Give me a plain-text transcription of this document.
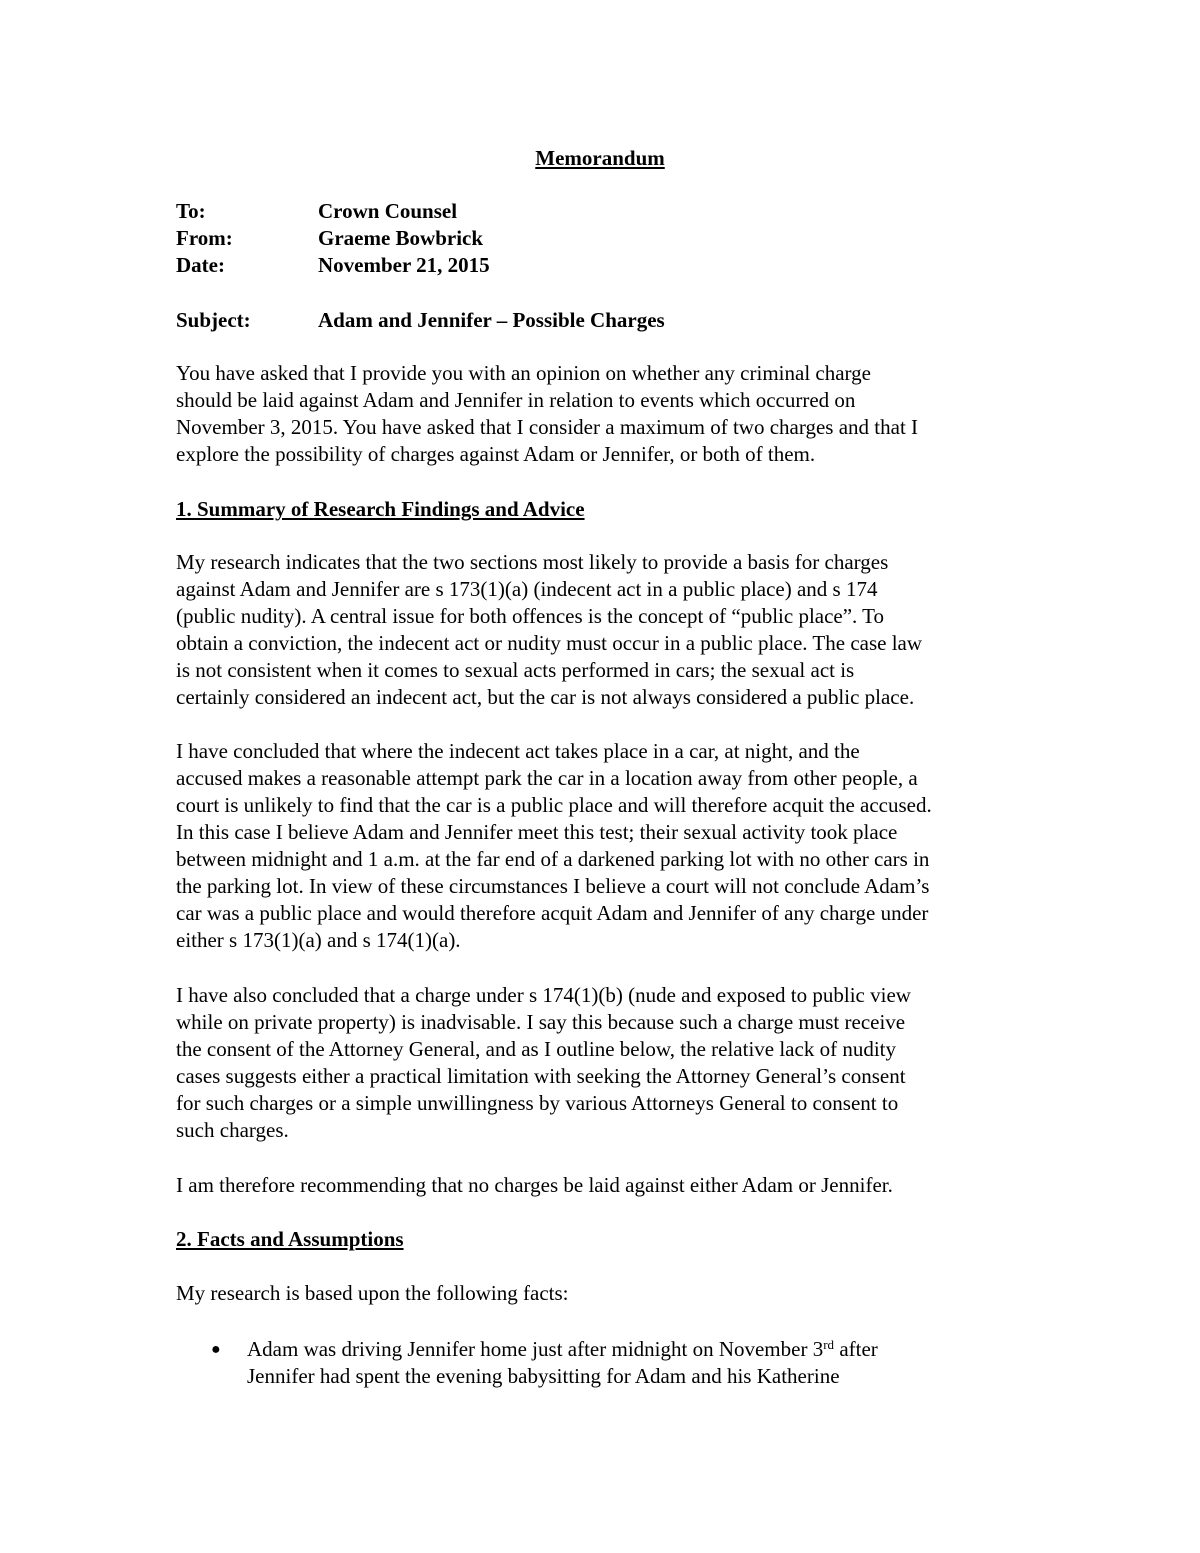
Memorandum
To:	Crown Counsel
From:	Graeme Bowbrick
Date:	November 21, 2015
Subject:	Adam and Jennifer – Possible Charges
You have asked that I provide you with an opinion on whether any criminal charge
should be laid against Adam and Jennifer in relation to events which occurred on
November 3, 2015. You have asked that I consider a maximum of two charges and that I
explore the possibility of charges against Adam or Jennifer, or both of them.
1. Summary of Research Findings and Advice
My research indicates that the two sections most likely to provide a basis for charges
against Adam and Jennifer are s 173(1)(a) (indecent act in a public place) and s 174
(public nudity). A central issue for both offences is the concept of “public place”. To
obtain a conviction, the indecent act or nudity must occur in a public place. The case law
is not consistent when it comes to sexual acts performed in cars; the sexual act is
certainly considered an indecent act, but the car is not always considered a public place.
I have concluded that where the indecent act takes place in a car, at night, and the
accused makes a reasonable attempt park the car in a location away from other people, a
court is unlikely to find that the car is a public place and will therefore acquit the accused.
In this case I believe Adam and Jennifer meet this test; their sexual activity took place
between midnight and 1 a.m. at the far end of a darkened parking lot with no other cars in
the parking lot. In view of these circumstances I believe a court will not conclude Adam’s
car was a public place and would therefore acquit Adam and Jennifer of any charge under
either s 173(1)(a) and s 174(1)(a).
I have also concluded that a charge under s 174(1)(b) (nude and exposed to public view
while on private property) is inadvisable. I say this because such a charge must receive
the consent of the Attorney General, and as I outline below, the relative lack of nudity
cases suggests either a practical limitation with seeking the Attorney General’s consent
for such charges or a simple unwillingness by various Attorneys General to consent to
such charges.
I am therefore recommending that no charges be laid against either Adam or Jennifer.
2. Facts and Assumptions
My research is based upon the following facts:
● Adam was driving Jennifer home just after midnight on November 3rd after
Jennifer had spent the evening babysitting for Adam and his Katherine
